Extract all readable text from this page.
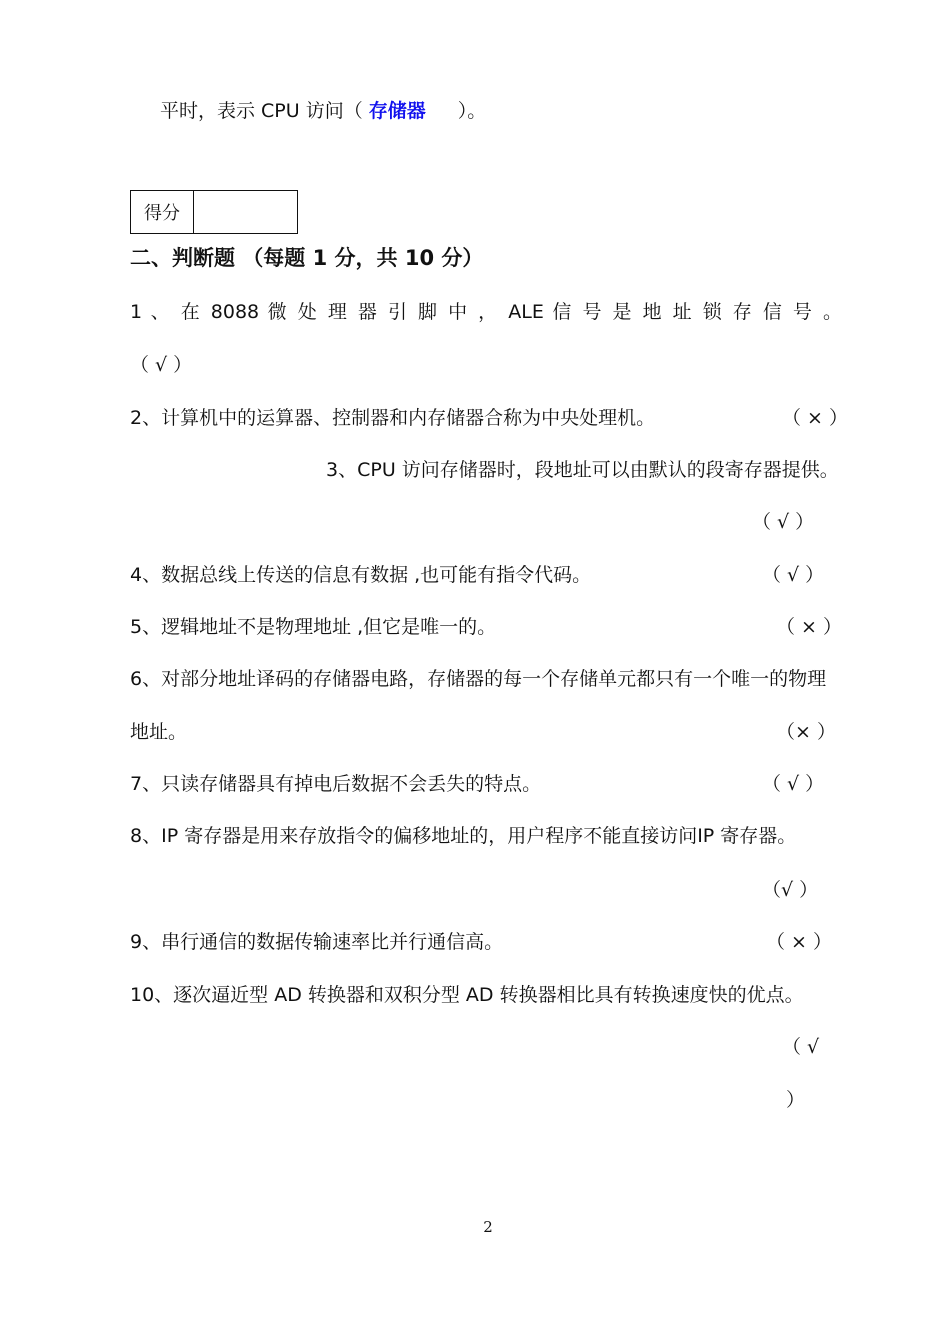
平时，表示 CPU 访问（ 存储器 ）。
得分
二、判断题 （每题 1 分，共 10 分）
1 、 在 8088 微 处 理 器 引 脚 中 ， ALE 信 号 是 地 址 锁 存 信 号 。
（ √ ）
2、计算机中的运算器、控制器和内存储器合称为中央处理机。	（ × ）
3、CPU 访问存储器时，段地址可以由默认的段寄存器提供。
（ √ ）
4、数据总线上传送的信息有数据 ,也可能有指令代码。	（ √ ）
5、逻辑地址不是物理地址 ,但它是唯一的。	（ × ）
6、对部分地址译码的存储器电路，存储器的每一个存储单元都只有一个唯一的物理
地址。	（× ）
7、只读存储器具有掉电后数据不会丢失的特点。	（ √ ）
8、IP 寄存器是用来存放指令的偏移地址的，用户程序不能直接访问IP 寄存器。
（√ ）
9、串行通信的数据传输速率比并行通信高。	（ × ）
10、逐次逼近型 AD 转换器和双积分型 AD 转换器相比具有转换速度快的优点。
（ √
）
2
